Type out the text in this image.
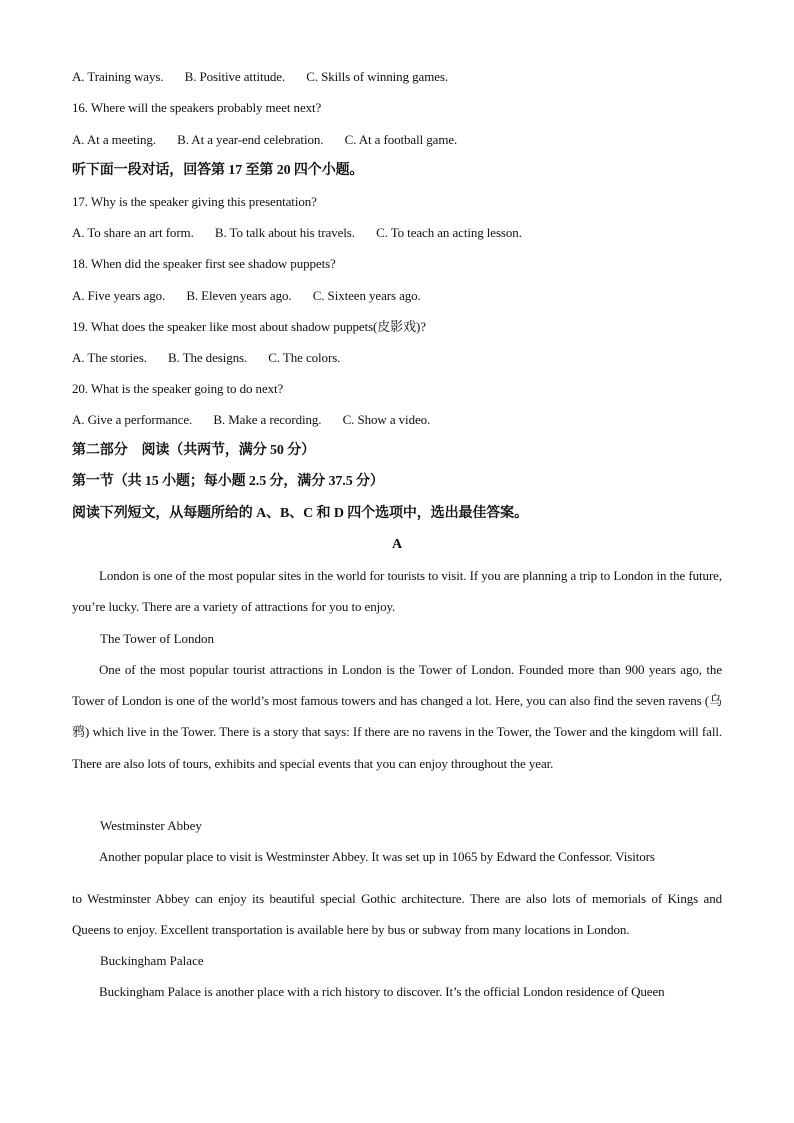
A. Training ways. B. Positive attitude. C. Skills of winning games.
16. Where will the speakers probably meet next?
A. At a meeting. B. At a year-end celebration. C. At a football game.
听下面一段对话，回答第 17 至第 20 四个小题。
17. Why is the speaker giving this presentation?
A. To share an art form. B. To talk about his travels. C. To teach an acting lesson.
18. When did the speaker first see shadow puppets?
A. Five years ago. B. Eleven years ago. C. Sixteen years ago.
19. What does the speaker like most about shadow puppets(皮影戏)?
A. The stories. B. The designs. C. The colors.
20. What is the speaker going to do next?
A. Give a performance. B. Make a recording. C. Show a video.
第二部分　阅读（共两节，满分 50 分）
第一节（共 15 小题；每小题 2.5 分，满分 37.5 分）
阅读下列短文，从每题所给的 A、B、C 和 D 四个选项中，选出最佳答案。
A

London is one of the most popular sites in the world for tourists to visit. If you are planning a trip to London in the future, you’re lucky. There are a variety of attractions for you to enjoy.

The Tower of London

One of the most popular tourist attractions in London is the Tower of London. Founded more than 900 years ago, the Tower of London is one of the world’s most famous towers and has changed a lot. Here, you can also find the seven ravens (乌鸦) which live in the Tower. There is a story that says: If there are no ravens in the Tower, the Tower and the kingdom will fall. There are also lots of tours, exhibits and special events that you can enjoy throughout the year.

Westminster Abbey

Another popular place to visit is Westminster Abbey. It was set up in 1065 by Edward the Confessor. Visitors

to Westminster Abbey can enjoy its beautiful special Gothic architecture. There are also lots of memorials of Kings and Queens to enjoy. Excellent transportation is available here by bus or subway from many locations in London.

Buckingham Palace

Buckingham Palace is another place with a rich history to discover. It’s the official London residence of Queen
